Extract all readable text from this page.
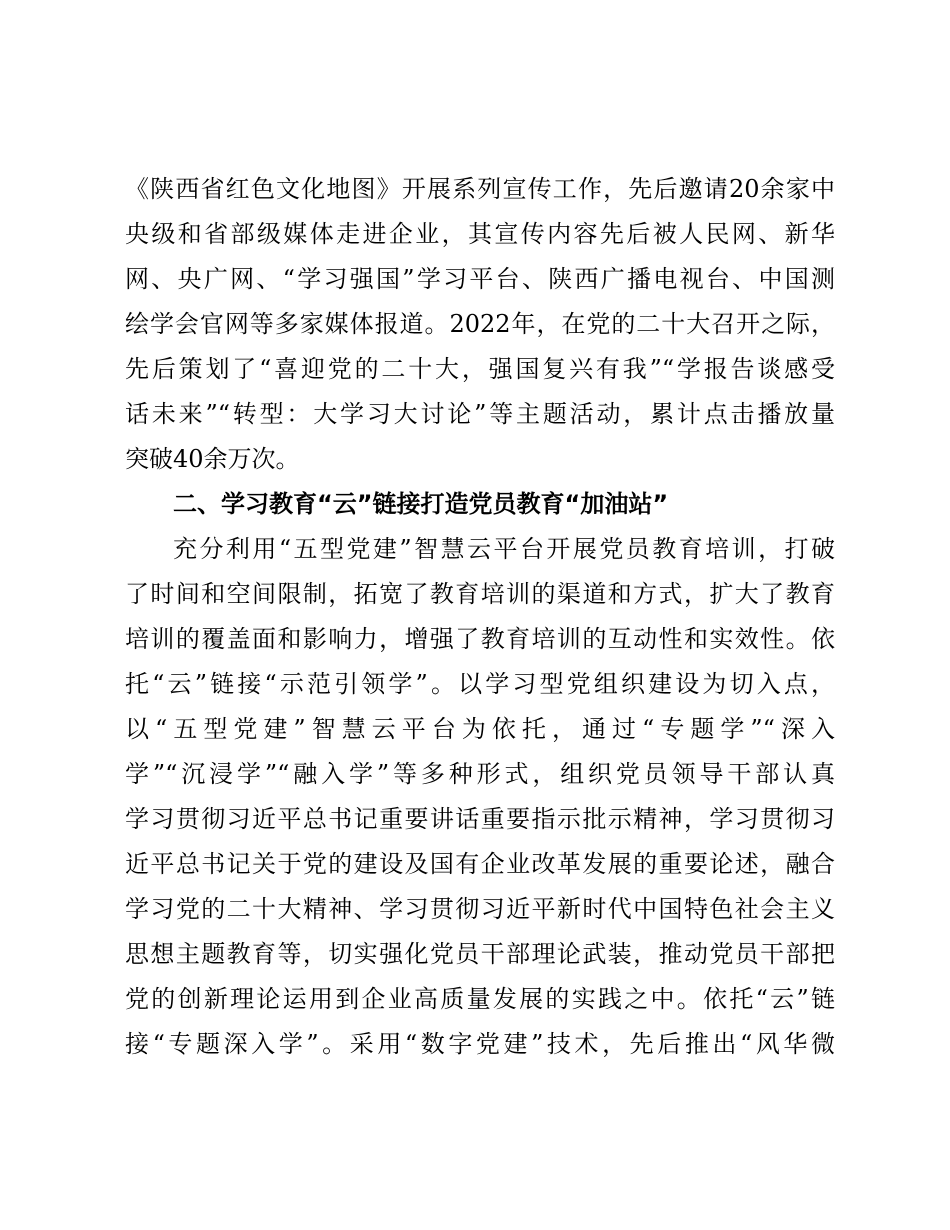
《陕西省红色文化地图》开展系列宣传工作，先后邀请20余家中
央级和省部级媒体走进企业，其宣传内容先后被人民网、新华
网、央广网、“学习强国”学习平台、陕西广播电视台、中国测
绘学会官网等多家媒体报道。2022年，在党的二十大召开之际，
先后策划了“喜迎党的二十大，强国复兴有我”“学报告谈感受
话未来”“转型：大学习大讨论”等主题活动，累计点击播放量
突破40余万次。
二、学习教育“云”链接打造党员教育“加油站”
充分利用“五型党建”智慧云平台开展党员教育培训，打破
了时间和空间限制，拓宽了教育培训的渠道和方式，扩大了教育
培训的覆盖面和影响力，增强了教育培训的互动性和实效性。依
托“云”链接“示范引领学”。以学习型党组织建设为切入点，
以“五型党建”智慧云平台为依托，通过“专题学”“深入
学”“沉浸学”“融入学”等多种形式，组织党员领导干部认真
学习贯彻习近平总书记重要讲话重要指示批示精神，学习贯彻习
近平总书记关于党的建设及国有企业改革发展的重要论述，融合
学习党的二十大精神、学习贯彻习近平新时代中国特色社会主义
思想主题教育等，切实强化党员干部理论武装，推动党员干部把
党的创新理论运用到企业高质量发展的实践之中。依托“云”链
接“专题深入学”。采用“数字党建”技术，先后推出“风华微
